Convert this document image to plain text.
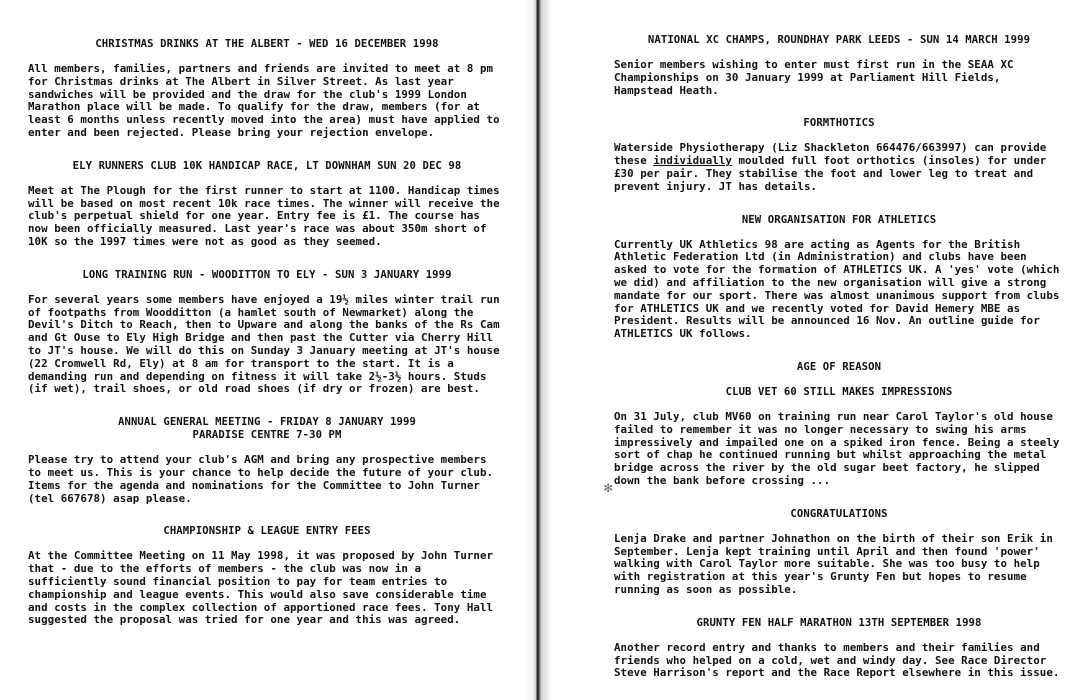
CHRISTMAS DRINKS AT THE ALBERT - WED 16 DECEMBER 1998

All members, families, partners and friends are invited to meet at 8 pm for Christmas drinks at The Albert in Silver Street. As last year sandwiches will be provided and the draw for the club's 1999 London Marathon place will be made. To qualify for the draw, members (for at least 6 months unless recently moved into the area) must have applied to enter and been rejected. Please bring your rejection envelope.

ELY RUNNERS CLUB 10K HANDICAP RACE, LT DOWNHAM SUN 20 DEC 98

Meet at The Plough for the first runner to start at 1100. Handicap times will be based on most recent 10k race times. The winner will receive the club's perpetual shield for one year. Entry fee is £1. The course has now been officially measured. Last year's race was about 350m short of 10K so the 1997 times were not as good as they seemed.

LONG TRAINING RUN - WOODITTON TO ELY - SUN 3 JANUARY 1999

For several years some members have enjoyed a 19½ miles winter trail run of footpaths from Woodditton (a hamlet south of Newmarket) along the Devil's Ditch to Reach, then to Upware and along the banks of the Rs Cam and Gt Ouse to Ely High Bridge and then past the Cutter via Cherry Hill to JT's house. We will do this on Sunday 3 January meeting at JT's house (22 Cromwell Rd, Ely) at 8 am for transport to the start. It is a demanding run and depending on fitness it will take 2½-3½ hours. Studs (if wet), trail shoes, or old road shoes (if dry or frozen) are best.

ANNUAL GENERAL MEETING - FRIDAY 8 JANUARY 1999
PARADISE CENTRE 7-30 PM

Please try to attend your club's AGM and bring any prospective members to meet us. This is your chance to help decide the future of your club. Items for the agenda and nominations for the Committee to John Turner (tel 667678) asap please.

CHAMPIONSHIP & LEAGUE ENTRY FEES

At the Committee Meeting on 11 May 1998, it was proposed by John Turner that - due to the efforts of members - the club was now in a sufficiently sound financial position to pay for team entries to championship and league events. This would also save considerable time and costs in the complex collection of apportioned race fees. Tony Hall suggested the proposal was tried for one year and this was agreed.

NATIONAL XC CHAMPS, ROUNDHAY PARK LEEDS - SUN 14 MARCH 1999

Senior members wishing to enter must first run in the SEAA XC Championships on 30 January 1999 at Parliament Hill Fields, Hampstead Heath.

FORMTHOTICS

Waterside Physiotherapy (Liz Shackleton 664476/663997) can provide these individually moulded full foot orthotics (insoles) for under £30 per pair. They stabilise the foot and lower leg to treat and prevent injury. JT has details.

NEW ORGANISATION FOR ATHLETICS

Currently UK Athletics 98 are acting as Agents for the British Athletic Federation Ltd (in Administration) and clubs have been asked to vote for the formation of ATHLETICS UK. A 'yes' vote (which we did) and affiliation to the new organisation will give a strong mandate for our sport. There was almost unanimous support from clubs for ATHLETICS UK and we recently voted for David Hemery MBE as President. Results will be announced 16 Nov. An outline guide for ATHLETICS UK follows.

AGE OF REASON
CLUB VET 60 STILL MAKES IMPRESSIONS

On 31 July, club MV60 on training run near Carol Taylor's old house failed to remember it was no longer necessary to swing his arms impressively and impailed one on a spiked iron fence. Being a steely sort of chap he continued running but whilst approaching the metal bridge across the river by the old sugar beet factory, he slipped down the bank before crossing ...

CONGRATULATIONS

Lenja Drake and partner Johnathon on the birth of their son Erik in September. Lenja kept training until April and then found 'power' walking with Carol Taylor more suitable. She was too busy to help with registration at this year's Grunty Fen but hopes to resume running as soon as possible.

GRUNTY FEN HALF MARATHON 13TH SEPTEMBER 1998

Another record entry and thanks to members and their families and friends who helped on a cold, wet and windy day. See Race Director Steve Harrison's report and the Race Report elsewhere in this issue.

✻
